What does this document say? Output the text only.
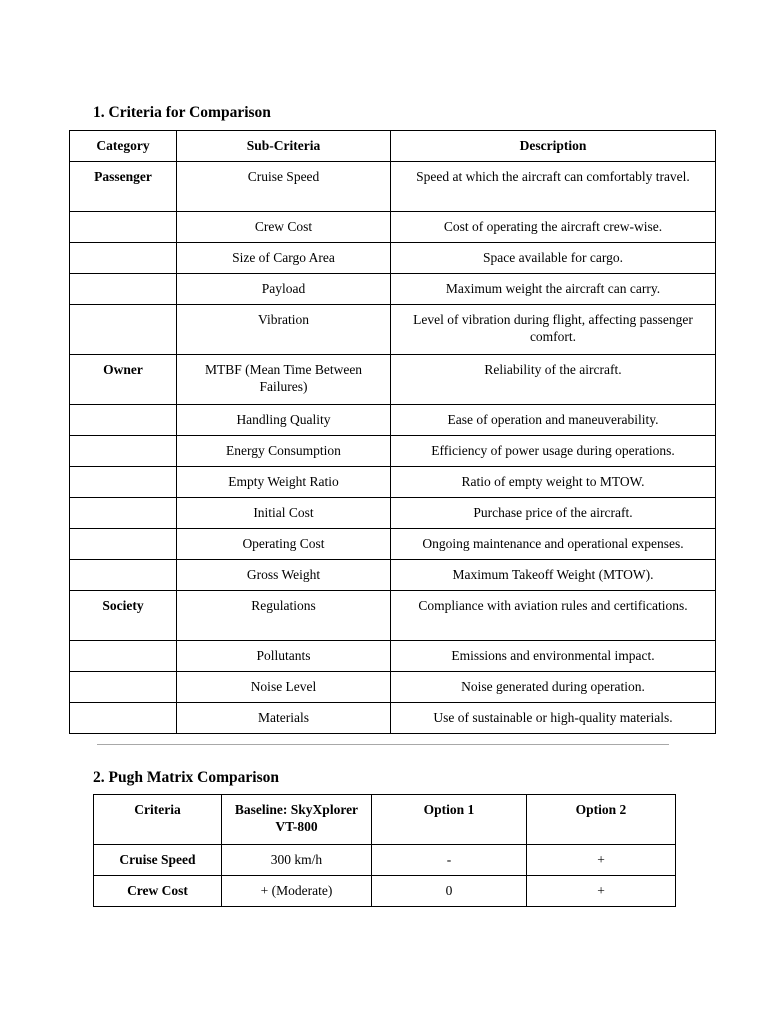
1. Criteria for Comparison
Category	Sub-Criteria	Description
Passenger	Cruise Speed	Speed at which the aircraft can comfortably travel.
	Crew Cost	Cost of operating the aircraft crew-wise.
	Size of Cargo Area	Space available for cargo.
	Payload	Maximum weight the aircraft can carry.
	Vibration	Level of vibration during flight, affecting passenger comfort.
Owner	MTBF (Mean Time Between Failures)	Reliability of the aircraft.
	Handling Quality	Ease of operation and maneuverability.
	Energy Consumption	Efficiency of power usage during operations.
	Empty Weight Ratio	Ratio of empty weight to MTOW.
	Initial Cost	Purchase price of the aircraft.
	Operating Cost	Ongoing maintenance and operational expenses.
	Gross Weight	Maximum Takeoff Weight (MTOW).
Society	Regulations	Compliance with aviation rules and certifications.
	Pollutants	Emissions and environmental impact.
	Noise Level	Noise generated during operation.
	Materials	Use of sustainable or high-quality materials.
2. Pugh Matrix Comparison
Criteria	Baseline: SkyXplorer VT-800	Option 1	Option 2
Cruise Speed	300 km/h	-	+
Crew Cost	+ (Moderate)	0	+
